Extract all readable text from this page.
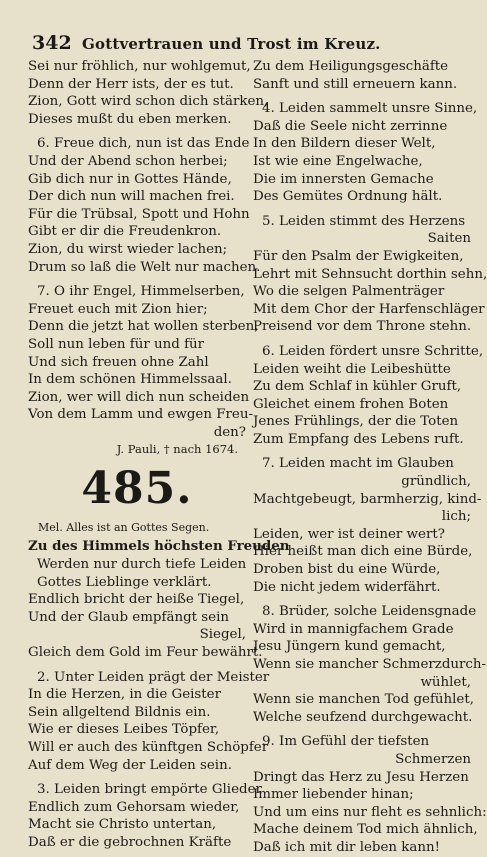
342 Gottvertrauen und Trost im Kreuz.
Sei nur fröhlich, nur wohlgemut,
Denn der Herr ists, der es tut.
Zion, Gott wird schon dich stärken,
Dieses mußt du eben merken.
6. Freue dich, nun ist das Ende
Und der Abend schon herbei;
Gib dich nur in Gottes Hände,
Der dich nun will machen frei.
Für die Trübsal, Spott und Hohn
Gibt er dir die Freudenkron.
Zion, du wirst wieder lachen;
Drum so laß die Welt nur machen.
7. O ihr Engel, Himmelserben,
Freuet euch mit Zion hier;
Denn die jetzt hat wollen sterben,
Soll nun leben für und für
Und sich freuen ohne Zahl
In dem schönen Himmelssaal.
Zion, wer will dich nun scheiden
Von dem Lamm und ewgen Freu-
den?
J. Pauli, † nach 1674.
485.
Mel. Alles ist an Gottes Segen.
Zu des Himmels höchsten Freuden
Werden nur durch tiefe Leiden
Gottes Lieblinge verklärt.
Endlich bricht der heiße Tiegel,
Und der Glaub empfängt sein
Siegel,
Gleich dem Gold im Feur bewährt.
2. Unter Leiden prägt der Meister
In die Herzen, in die Geister
Sein allgeltend Bildnis ein.
Wie er dieses Leibes Töpfer,
Will er auch des künftgen Schöpfer
Auf dem Weg der Leiden sein.
3. Leiden bringt empörte Glieder
Endlich zum Gehorsam wieder,
Macht sie Christo untertan,
Daß er die gebrochnen Kräfte
Zu dem Heiligungsgeschäfte
Sanft und still erneuern kann.
4. Leiden sammelt unsre Sinne,
Daß die Seele nicht zerrinne
In den Bildern dieser Welt,
Ist wie eine Engelwache,
Die im innersten Gemache
Des Gemütes Ordnung hält.
5. Leiden stimmt des Herzens
Saiten
Für den Psalm der Ewigkeiten,
Lehrt mit Sehnsucht dorthin sehn,
Wo die selgen Palmenträger
Mit dem Chor der Harfenschläger
Preisend vor dem Throne stehn.
6. Leiden fördert unsre Schritte,
Leiden weiht die Leibeshütte
Zu dem Schlaf in kühler Gruft,
Gleichet einem frohen Boten
Jenes Frühlings, der die Toten
Zum Empfang des Lebens ruft.
7. Leiden macht im Glauben
gründlich,
Machtgebeugt, barmherzig, kind-
lich;
Leiden, wer ist deiner wert?
Hier heißt man dich eine Bürde,
Droben bist du eine Würde,
Die nicht jedem widerfährt.
8. Brüder, solche Leidensgnade
Wird in mannigfachem Grade
Jesu Jüngern kund gemacht,
Wenn sie mancher Schmerzdurch-
wühlet,
Wenn sie manchen Tod gefühlet,
Welche seufzend durchgewacht.
9. Im Gefühl der tiefsten
Schmerzen
Dringt das Herz zu Jesu Herzen
Immer liebender hinan;
Und um eins nur fleht es sehnlich:
Mache deinem Tod mich ähnlich,
Daß ich mit dir leben kann!
